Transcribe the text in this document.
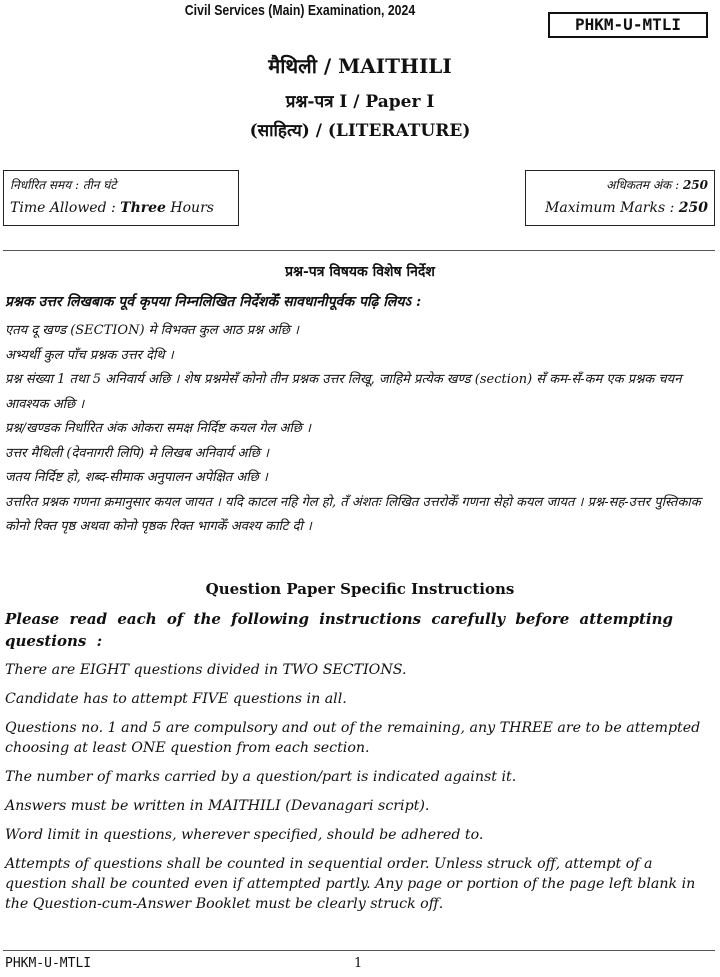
Civil Services (Main) Examination, 2024
PHKM-U-MTLI
मैथिली / MAITHILI
प्रश्न-पत्र I / Paper I
(साहित्य) / (LITERATURE)
निर्धारित समय : तीन घंटे
Time Allowed : Three Hours
अधिकतम अंक : 250
Maximum Marks : 250
प्रश्न-पत्र विषयक विशेष निर्देश
प्रश्नक उत्तर लिखबाक पूर्व कृपया निम्नलिखित निर्देशकेँ सावधानीपूर्वक पढ़ि लियऽ :

एतय दू खण्ड (SECTION) मे विभक्त कुल आठ प्रश्न अछि ।

अभ्यर्थी कुल पाँच प्रश्नक उत्तर देथि ।

प्रश्न संख्या 1 तथा 5 अनिवार्य अछि । शेष प्रश्नमेसँ कोनो तीन प्रश्नक उत्तर लिखू, जाहिमे प्रत्येक खण्ड (section) सँ कम-सँ-कम एक प्रश्नक चयन आवश्यक अछि ।

प्रश्न/खण्डक निर्धारित अंक ओकरा समक्ष निर्दिष्ट कयल गेल अछि ।

उत्तर मैथिली (देवनागरी लिपि) मे लिखब अनिवार्य अछि ।

जतय निर्दिष्ट हो, शब्द-सीमाक अनुपालन अपेक्षित अछि ।

उत्तरित प्रश्नक गणना क्रमानुसार कयल जायत । यदि काटल नहि गेल हो, तँ अंशतः लिखित उत्तरोकेँ गणना सेहो कयल जायत । प्रश्न-सह-उत्तर पुस्तिकाक कोनो रिक्त पृष्ठ अथवा कोनो पृष्ठक रिक्त भागकेँ अवश्य काटि दी ।

Question Paper Specific Instructions
Please read each of the following instructions carefully before attempting questions :

There are EIGHT questions divided in TWO SECTIONS.

Candidate has to attempt FIVE questions in all.

Questions no. 1 and 5 are compulsory and out of the remaining, any THREE are to be attempted choosing at least ONE question from each section.

The number of marks carried by a question/part is indicated against it.

Answers must be written in MAITHILI (Devanagari script).

Word limit in questions, wherever specified, should be adhered to.

Attempts of questions shall be counted in sequential order. Unless struck off, attempt of a question shall be counted even if attempted partly. Any page or portion of the page left blank in the Question-cum-Answer Booklet must be clearly struck off.

PHKM-U-MTLI	1
